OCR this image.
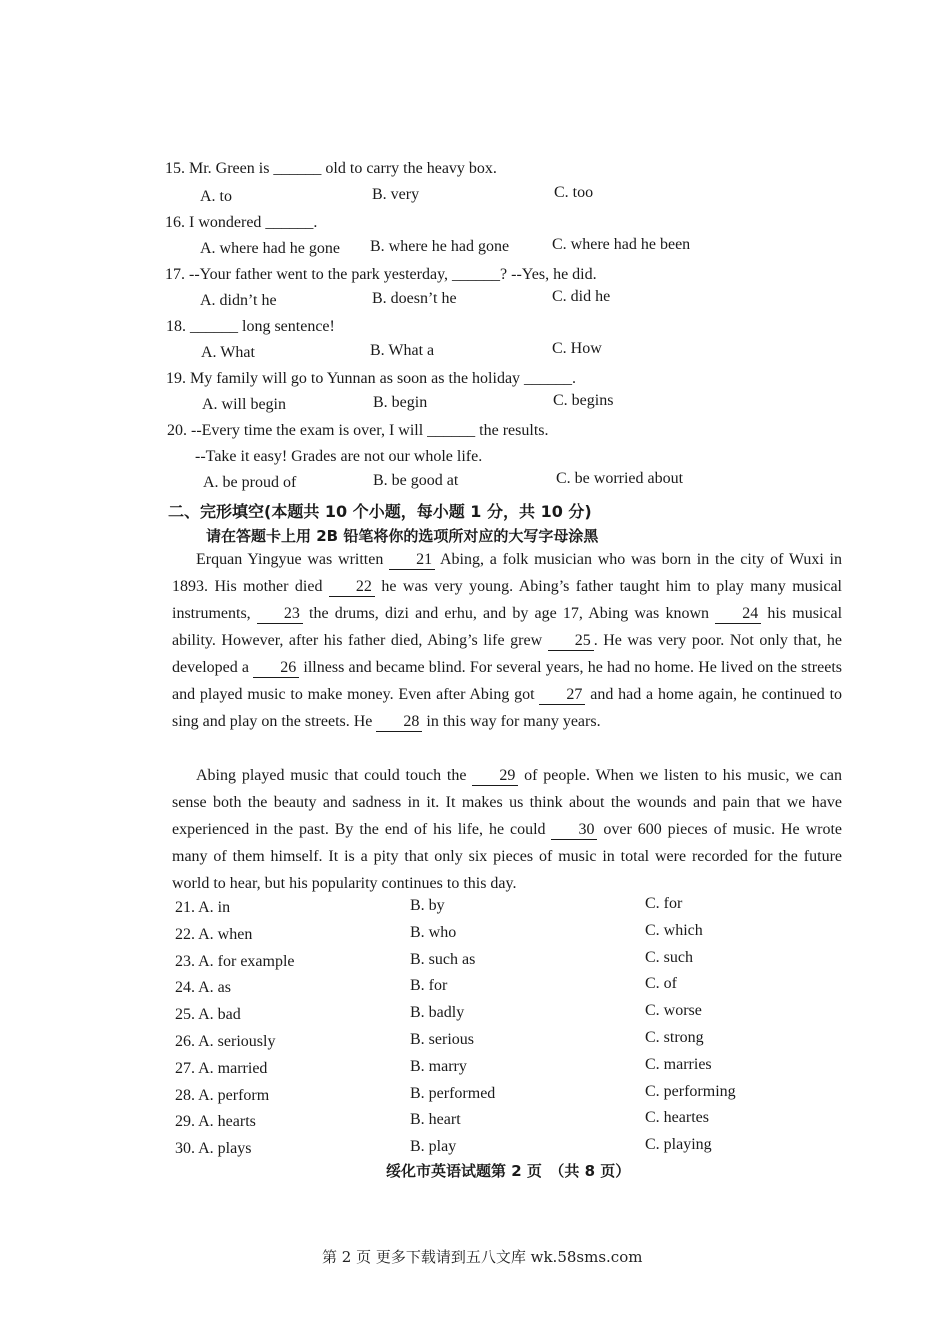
15. Mr. Green is ______ old to carry the heavy box.
A. to	B. very	C. too
16. I wondered ______.
A. where had he gone B. where he had gone	C. where had he been
17. --Your father went to the park yesterday, ______? --Yes, he did.
A. didn’t he	B. doesn’t he	C. did he
18. ______ long sentence!
A. What	B. What a	C. How
19. My family will go to Yunnan as soon as the holiday ______.
A. will begin	B. begin	C. begins
20. --Every time the exam is over, I will ______ the results.
--Take it easy! Grades are not our whole life.
A. be proud of	B. be good at	C. be worried about
二、完形填空(本题共 10 个小题，每小题 1 分，共 10 分)
请在答题卡上用 2B 铅笔将你的选项所对应的大写字母涂黑

Erquan Yingyue was written 21 Abing, a folk musician who was born in the city of Wuxi in 1893. His mother died 22 he was very young. Abing’s father taught him to play many musical instruments, 23 the drums, dizi and erhu, and by age 17, Abing was known 24 his musical ability. However, after his father died, Abing’s life grew 25 . He was very poor. Not only that, he developed a 26 illness and became blind. For several years, he had no home. He lived on the streets and played music to make money. Even after Abing got 27 and had a home again, he continued to sing and play on the streets. He 28 in this way for many years.

Abing played music that could touch the 29 of people. When we listen to his music, we can sense both the beauty and sadness in it. It makes us think about the wounds and pain that we have experienced in the past. By the end of his life, he could 30 over 600 pieces of music. He wrote many of them himself. It is a pity that only six pieces of music in total were recorded for the future world to hear, but his popularity continues to this day.

21. A. in	B. by	C. for
22. A. when	B. who	C. which
23. A. for example	B. such as	C. such
24. A. as	B. for	C. of
25. A. bad	B. badly	C. worse
26. A. seriously	B. serious	C. strong
27. A. married	B. marry	C. marries
28. A. perform	B. performed	C. performing
29. A. hearts	B. heart	C. heartes
30. A. plays	B. play	C. playing
绥化市英语试题第 2 页　（共 8 页）
第 2 页 更多下载请到五八文库 wk.58sms.com
